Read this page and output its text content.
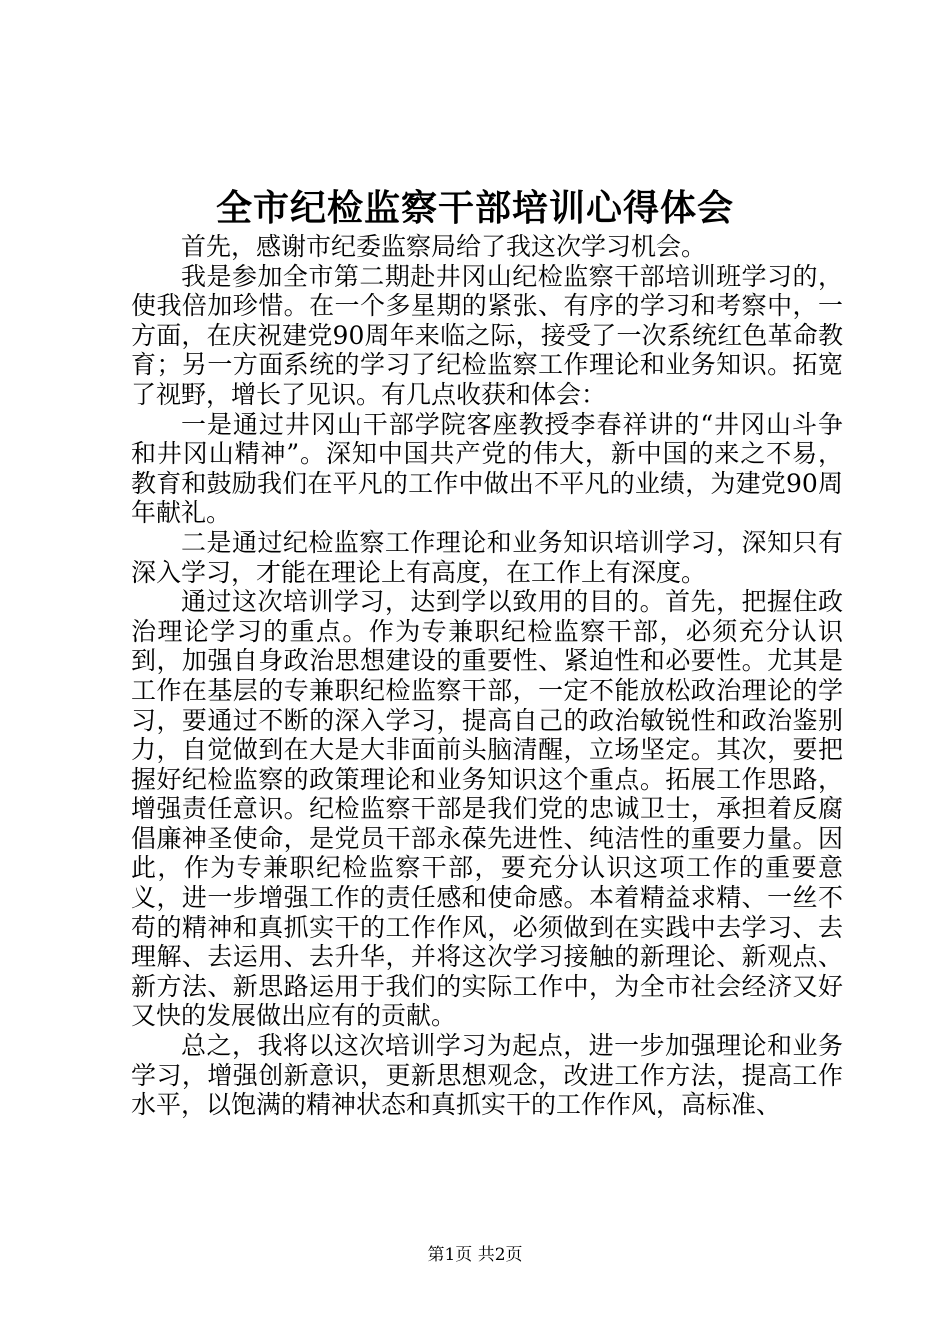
全市纪检监察干部培训心得体会

首先，感谢市纪委监察局给了我这次学习机会。

我是参加全市第二期赴井冈山纪检监察干部培训班学习的，使我倍加珍惜。在一个多星期的紧张、有序的学习和考察中，一方面，在庆祝建党90周年来临之际，接受了一次系统红色革命教育；另一方面系统的学习了纪检监察工作理论和业务知识。拓宽了视野，增长了见识。有几点收获和体会：

一是通过井冈山干部学院客座教授李春祥讲的“井冈山斗争和井冈山精神”。深知中国共产党的伟大，新中国的来之不易，教育和鼓励我们在平凡的工作中做出不平凡的业绩，为建党90周年献礼。

二是通过纪检监察工作理论和业务知识培训学习，深知只有深入学习，才能在理论上有高度，在工作上有深度。

通过这次培训学习，达到学以致用的目的。首先，把握住政治理论学习的重点。作为专兼职纪检监察干部，必须充分认识到，加强自身政治思想建设的重要性、紧迫性和必要性。尤其是工作在基层的专兼职纪检监察干部，一定不能放松政治理论的学习，要通过不断的深入学习，提高自己的政治敏锐性和政治鉴别力，自觉做到在大是大非面前头脑清醒，立场坚定。其次，要把握好纪检监察的政策理论和业务知识这个重点。拓展工作思路，增强责任意识。纪检监察干部是我们党的忠诚卫士，承担着反腐倡廉神圣使命，是党员干部永葆先进性、纯洁性的重要力量。因此，作为专兼职纪检监察干部，要充分认识这项工作的重要意义，进一步增强工作的责任感和使命感。本着精益求精、一丝不苟的精神和真抓实干的工作作风，必须做到在实践中去学习、去理解、去运用、去升华，并将这次学习接触的新理论、新观点、新方法、新思路运用于我们的实际工作中，为全市社会经济又好又快的发展做出应有的贡献。

总之，我将以这次培训学习为起点，进一步加强理论和业务学习，增强创新意识，更新思想观念，改进工作方法，提高工作水平，以饱满的精神状态和真抓实干的工作作风，高标准、

第1页 共2页
